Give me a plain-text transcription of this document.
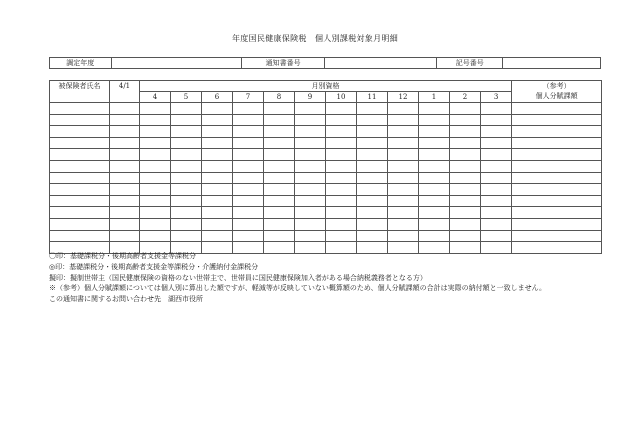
年度国民健康保険税　個人別課税対象月明細
調定年度		通知書番号		記号番号	
被保険者氏名	4/1	月別資格												（参考）
		4	5	6	7	8	9	10	11	12	1	2	3	個人分賦課額

〇印：基礎課税分・後期高齢者支援金等課税分
◎印：基礎課税分・後期高齢者支援金等課税分・介護納付金課税分
擬印：擬制世帯主（国民健康保険の資格のない世帯主で、世帯員に国民健康保険加入者がある場合納税義務者となる方）
※（参考）個人分賦課額については個人別に算出した額ですが、軽減等が反映していない概算額のため、個人分賦課額の合計は実際の納付額と一致しません。
この通知書に関するお問い合わせ先　湖西市役所
